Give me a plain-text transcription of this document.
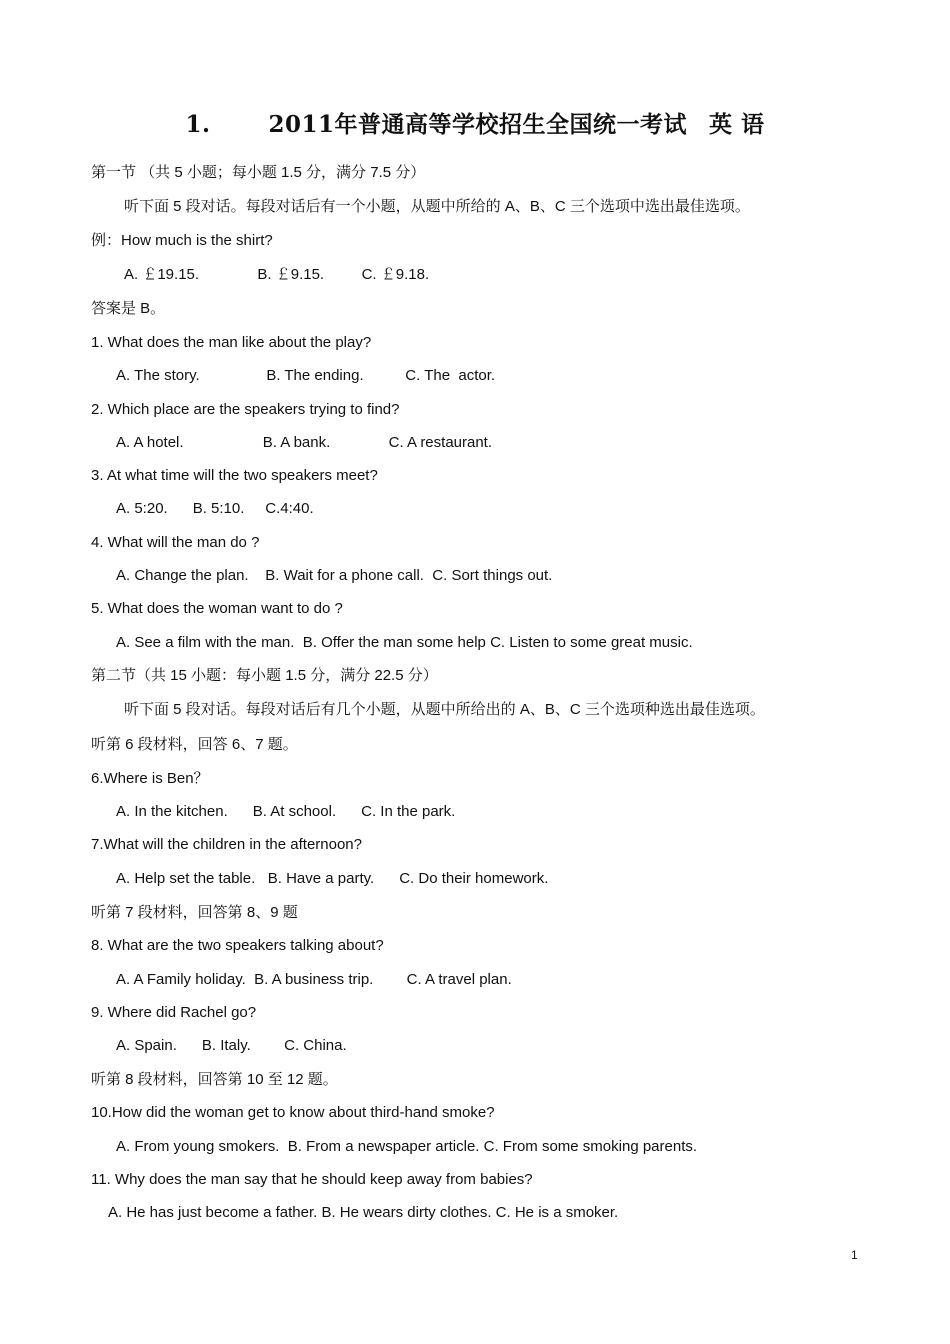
1.	2011年普通高等学校招生全国统一考试 英 语
第一节 （共 5 小题；每小题 1.5 分，满分 7.5 分）
听下面 5 段对话。每段对话后有一个小题，从题中所给的 A、B、C 三个选项中选出最佳选项。
例：How much is the shirt?
A. ￡19.15.              B. ￡9.15.         C. ￡9.18.
答案是 B。
1. What does the man like about the play?
A. The story.                B. The ending.          C. The  actor.
2. Which place are the speakers trying to find?
A. A hotel.                   B. A bank.              C. A restaurant.
3. At what time will the two speakers meet?
A. 5:20.      B. 5:10.     C.4:40.
4. What will the man do ?
A. Change the plan.    B. Wait for a phone call.  C. Sort things out.
5. What does the woman want to do ?
A. See a film with the man.  B. Offer the man some help C. Listen to some great music.
第二节（共 15 小题：每小题 1.5 分，满分 22.5 分）
听下面 5 段对话。每段对话后有几个小题，从题中所给出的 A、B、C 三个选项种选出最佳选项。
听第 6 段材料，回答 6、7 题。
6.Where is Ben？
A. In the kitchen.      B. At school.      C. In the park.
7.What will the children in the afternoon?
A. Help set the table.   B. Have a party.      C. Do their homework.
听第 7 段材料，回答第 8、9 题
8. What are the two speakers talking about?
A. A Family holiday.  B. A business trip.        C. A travel plan.
9. Where did Rachel go?
A. Spain.      B. Italy.        C. China.
听第 8 段材料，回答第 10 至 12 题。
10.How did the woman get to know about third-hand smoke?
A. From young smokers.  B. From a newspaper article. C. From some smoking parents.
11. Why does the man say that he should keep away from babies?
A. He has just become a father. B. He wears dirty clothes. C. He is a smoker.
1
